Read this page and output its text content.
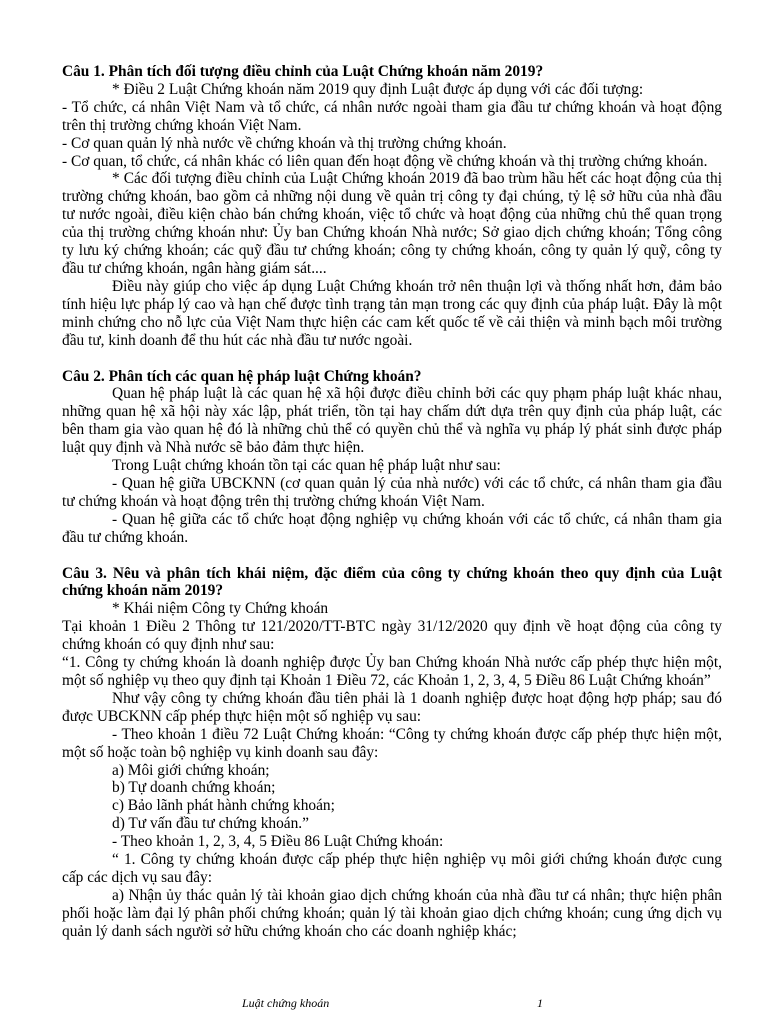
Câu 1. Phân tích đối tượng điều chỉnh của Luật Chứng khoán năm 2019?

* Điều 2 Luật Chứng khoán năm 2019 quy định Luật được áp dụng với các đối tượng:

- Tổ chức, cá nhân Việt Nam và tổ chức, cá nhân nước ngoài tham gia đầu tư chứng khoán và hoạt động trên thị trường chứng khoán Việt Nam.

- Cơ quan quản lý nhà nước về chứng khoán và thị trường chứng khoán.

- Cơ quan, tổ chức, cá nhân khác có liên quan đến hoạt động về chứng khoán và thị trường chứng khoán.

* Các đối tượng điều chỉnh của Luật Chứng khoán 2019 đã bao trùm hầu hết các hoạt động của thị trường chứng khoán, bao gồm cả những nội dung về quản trị công ty đại chúng, tỷ lệ sở hữu của nhà đầu tư nước ngoài, điều kiện chào bán chứng khoán, việc tổ chức và hoạt động của những chủ thể quan trọng của thị trường chứng khoán như: Ủy ban Chứng khoán Nhà nước; Sở giao dịch chứng khoán; Tổng công ty lưu ký chứng khoán; các quỹ đầu tư chứng khoán; công ty chứng khoán, công ty quản lý quỹ, công ty đầu tư chứng khoán, ngân hàng giám sát....

Điều này giúp cho việc áp dụng Luật Chứng khoán trở nên thuận lợi và thống nhất hơn, đảm bảo tính hiệu lực pháp lý cao và hạn chế được tình trạng tản mạn trong các quy định của pháp luật. Đây là một minh chứng cho nỗ lực của Việt Nam thực hiện các cam kết quốc tế về cải thiện và minh bạch môi trường đầu tư, kinh doanh để thu hút các nhà đầu tư nước ngoài.

Câu 2. Phân tích các quan hệ pháp luật Chứng khoán?

Quan hệ pháp luật là các quan hệ xã hội được điều chỉnh bởi các quy phạm pháp luật khác nhau, những quan hệ xã hội này xác lập, phát triển, tồn tại hay chấm dứt dựa trên quy định của pháp luật, các bên tham gia vào quan hệ đó là những chủ thể có quyền chủ thể và nghĩa vụ pháp lý phát sinh được pháp luật quy định và Nhà nước sẽ bảo đảm thực hiện.

Trong Luật chứng khoán tồn tại các quan hệ pháp luật như sau:

- Quan hệ giữa UBCKNN (cơ quan quản lý của nhà nước) với các tổ chức, cá nhân tham gia đầu tư chứng khoán và hoạt động trên thị trường chứng khoán Việt Nam.

- Quan hệ giữa các tổ chức hoạt động nghiệp vụ chứng khoán với các tổ chức, cá nhân tham gia đầu tư chứng khoán.

Câu 3. Nêu và phân tích khái niệm, đặc điểm của công ty chứng khoán theo quy định của Luật chứng khoán năm 2019?

* Khái niệm Công ty Chứng khoán

Tại khoản 1 Điều 2 Thông tư 121/2020/TT-BTC ngày 31/12/2020 quy định về hoạt động của công ty chứng khoán có quy định như sau:

“1. Công ty chứng khoán là doanh nghiệp được Ủy ban Chứng khoán Nhà nước cấp phép thực hiện một, một số nghiệp vụ theo quy định tại Khoản 1 Điều 72, các Khoản 1, 2, 3, 4, 5 Điều 86 Luật Chứng khoán”

Như vậy công ty chứng khoán đầu tiên phải là 1 doanh nghiệp được hoạt động hợp pháp; sau đó được UBCKNN cấp phép thực hiện một số nghiệp vụ sau:

- Theo khoản 1 điều 72 Luật Chứng khoán: “Công ty chứng khoán được cấp phép thực hiện một, một số hoặc toàn bộ nghiệp vụ kinh doanh sau đây:

a) Môi giới chứng khoán;

b) Tự doanh chứng khoán;

c) Bảo lãnh phát hành chứng khoán;

d) Tư vấn đầu tư chứng khoán.”

- Theo khoản 1, 2, 3, 4, 5 Điều 86 Luật Chứng khoán:

“ 1. Công ty chứng khoán được cấp phép thực hiện nghiệp vụ môi giới chứng khoán được cung cấp các dịch vụ sau đây:

a) Nhận ủy thác quản lý tài khoản giao dịch chứng khoán của nhà đầu tư cá nhân; thực hiện phân phối hoặc làm đại lý phân phối chứng khoán; quản lý tài khoản giao dịch chứng khoán; cung ứng dịch vụ quản lý danh sách người sở hữu chứng khoán cho các doanh nghiệp khác;

Luật chứng khoán	1
